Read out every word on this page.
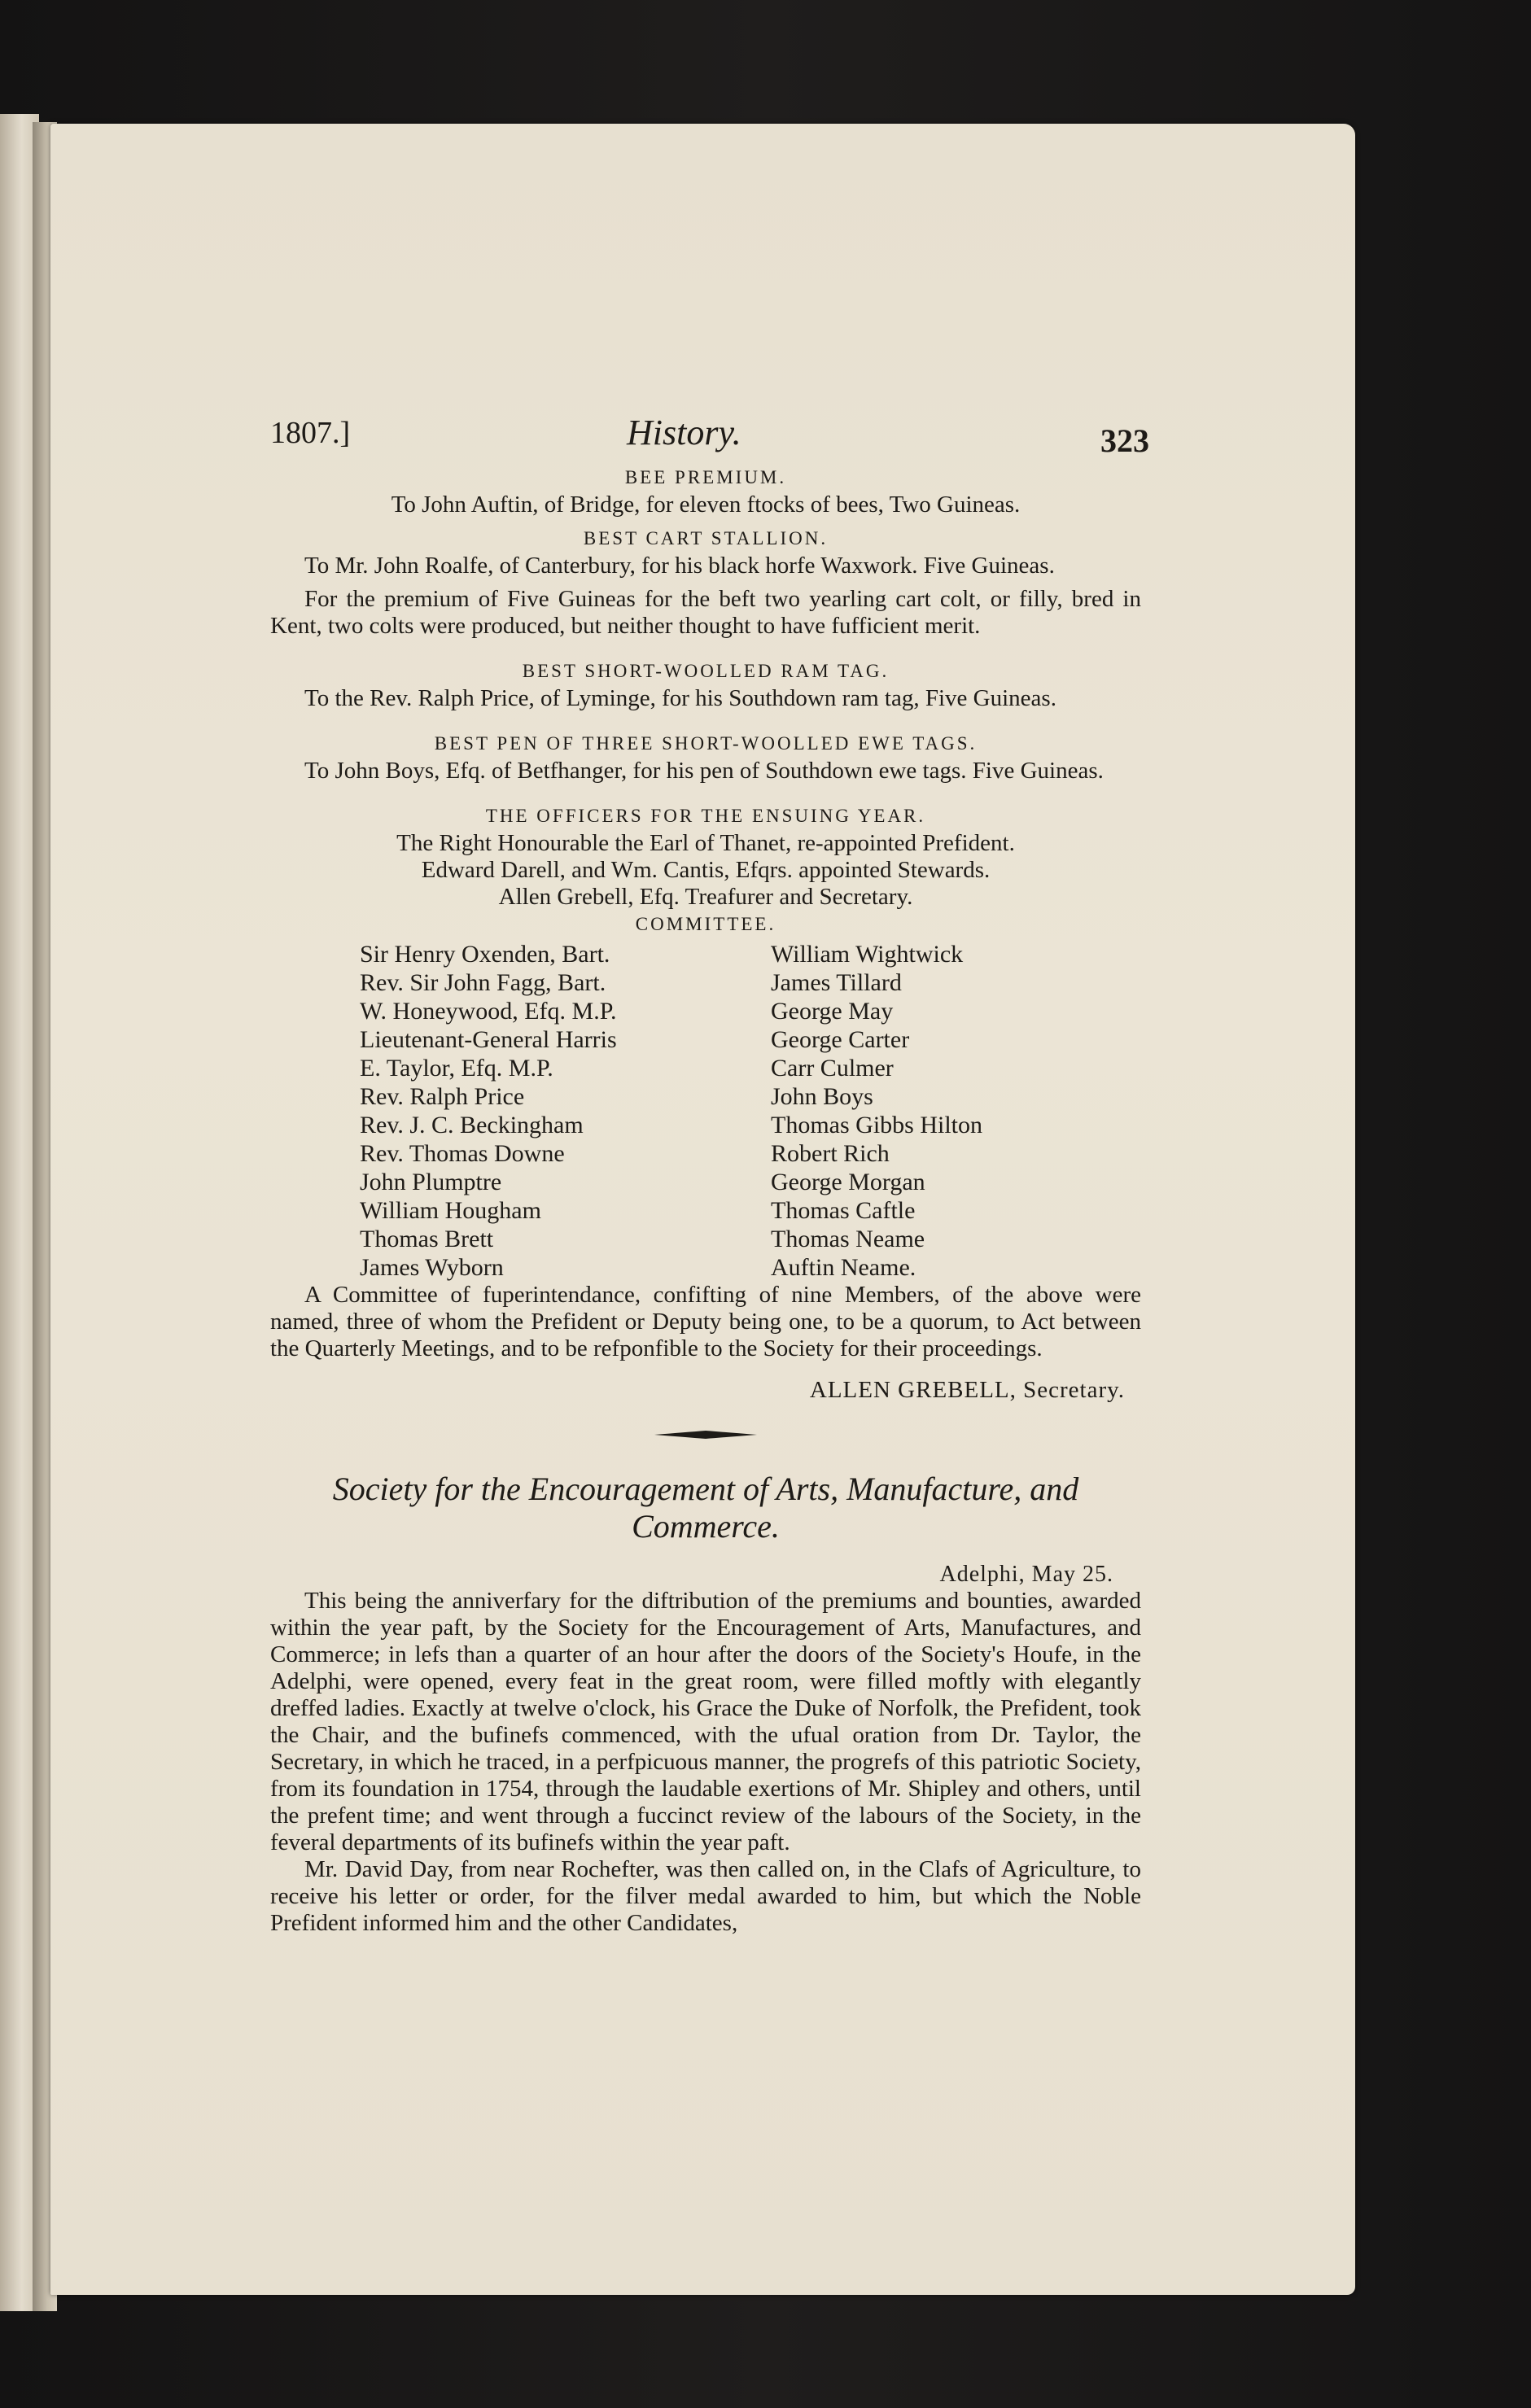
1807.]	History.	323
BEE PREMIUM.

To John Auftin, of Bridge, for eleven ftocks of bees, Two Guineas.

BEST CART STALLION.

To Mr. John Roalfe, of Canterbury, for his black horfe Waxwork. Five Guineas.

For the premium of Five Guineas for the beft two yearling cart colt, or filly, bred in Kent, two colts were produced, but neither thought to have fufficient merit.

BEST SHORT-WOOLLED RAM TAG.

To the Rev. Ralph Price, of Lyminge, for his Southdown ram tag, Five Guineas.

BEST PEN OF THREE SHORT-WOOLLED EWE TAGS.

To John Boys, Efq. of Betfhanger, for his pen of Southdown ewe tags. Five Guineas.

THE OFFICERS FOR THE ENSUING YEAR.

The Right Honourable the Earl of Thanet, re-appointed Prefident.

Edward Darell, and Wm. Cantis, Efqrs. appointed Stewards.

Allen Grebell, Efq. Treafurer and Secretary.

COMMITTEE.
Sir Henry Oxenden, Bart.
Rev. Sir John Fagg, Bart.
W. Honeywood, Efq. M.P.
Lieutenant-General Harris
E. Taylor, Efq. M.P.
Rev. Ralph Price
Rev. J. C. Beckingham
Rev. Thomas Downe
John Plumptre
William Hougham
Thomas Brett
James Wyborn
William Wightwick
James Tillard
George May
George Carter
Carr Culmer
John Boys
Thomas Gibbs Hilton
Robert Rich
George Morgan
Thomas Caftle
Thomas Neame
Auftin Neame.

A Committee of fuperintendance, confifting of nine Members, of the above were named, three of whom the Prefident or Deputy being one, to be a quorum, to Act between the Quarterly Meetings, and to be refponfible to the Society for their proceedings.

ALLEN GREBELL, Secretary.
Society for the Encouragement of Arts, Manufacture, and
Commerce.
Adelphi, May 25.

This being the anniverfary for the diftribution of the premiums and bounties, awarded within the year paft, by the Society for the Encouragement of Arts, Manufactures, and Commerce; in lefs than a quarter of an hour after the doors of the Society's Houfe, in the Adelphi, were opened, every feat in the great room, were filled moftly with elegantly dreffed ladies. Exactly at twelve o'clock, his Grace the Duke of Norfolk, the Prefident, took the Chair, and the bufinefs commenced, with the ufual oration from Dr. Taylor, the Secretary, in which he traced, in a perfpicuous manner, the progrefs of this patriotic Society, from its foundation in 1754, through the laudable exertions of Mr. Shipley and others, until the prefent time; and went through a fuccinct review of the labours of the Society, in the feveral departments of its bufinefs within the year paft.

Mr. David Day, from near Rochefter, was then called on, in the Clafs of Agriculture, to receive his letter or order, for the filver medal awarded to him, but which the Noble Prefident informed him and the other Candidates,
